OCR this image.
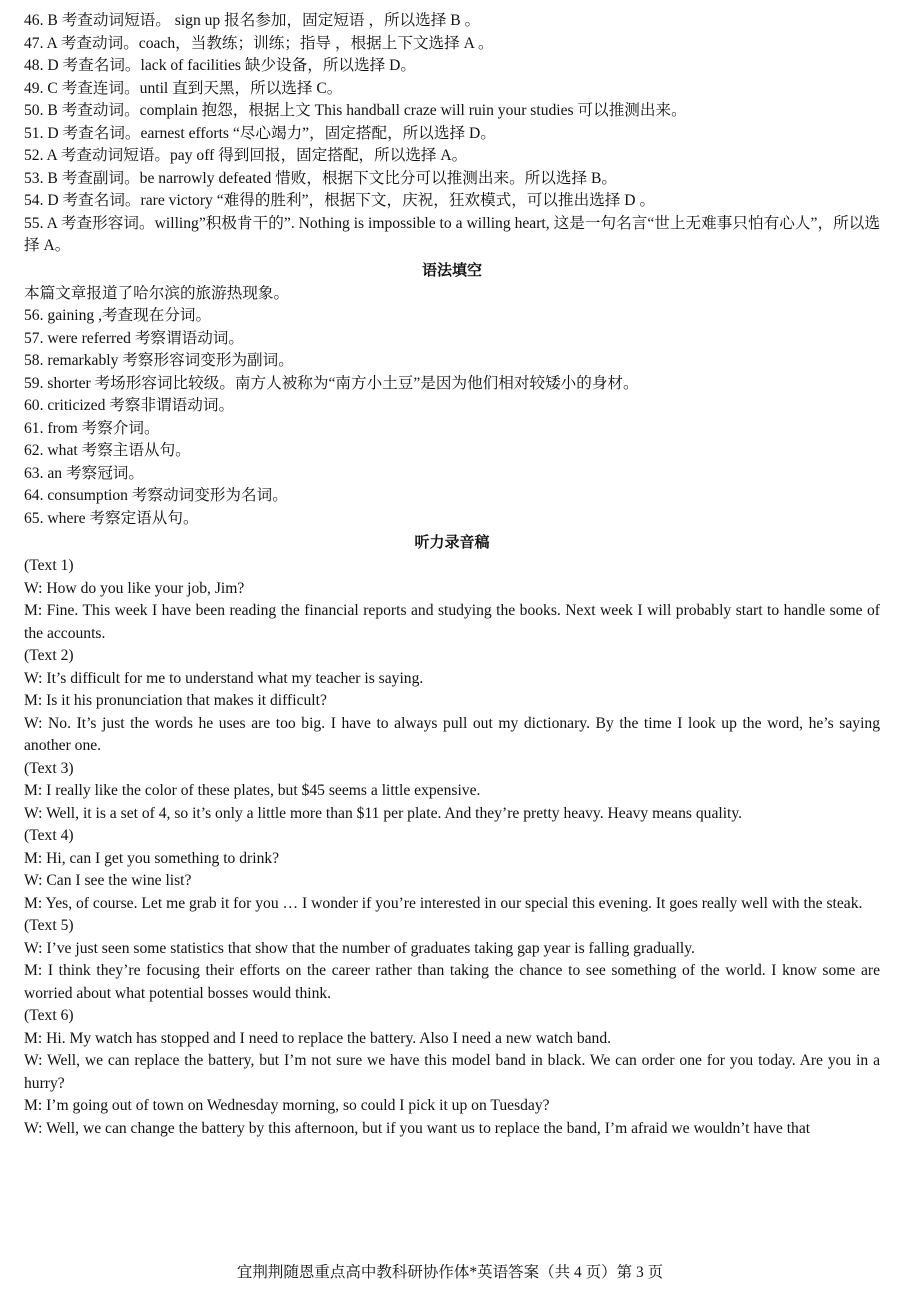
46. B 考查动词短语。 sign up 报名参加，固定短语 ，所以选择 B 。
47. A 考查动词。coach，当教练；训练；指导 ，根据上下文选择 A 。
48. D 考查名词。lack of facilities 缺少设备，所以选择 D。
49. C 考查连词。until 直到天黑，所以选择 C。
50. B 考查动词。complain 抱怨，根据上文 This handball craze will ruin your studies 可以推测出来。
51. D 考查名词。earnest efforts “尽心竭力”，固定搭配，所以选择 D。
52. A 考查动词短语。pay off 得到回报，固定搭配，所以选择 A。
53. B 考查副词。be narrowly defeated 惜败，根据下文比分可以推测出来。所以选择 B。
54. D 考查名词。rare victory “难得的胜利”，根据下文，庆祝，狂欢模式，可以推出选择 D 。
55. A 考查形容词。willing”积极肯干的”. Nothing is impossible to a willing heart, 这是一句名言“世上无难事只怕有心人”，所以选择 A。
语法填空
本篇文章报道了哈尔滨的旅游热现象。
56. gaining ,考查现在分词。
57. were referred 考察谓语动词。
58. remarkably 考察形容词变形为副词。
59. shorter 考场形容词比较级。南方人被称为“南方小土豆”是因为他们相对较矮小的身材。
60. criticized 考察非谓语动词。
61. from 考察介词。
62. what 考察主语从句。
63. an 考察冠词。
64. consumption 考察动词变形为名词。
65. where 考察定语从句。
听力录音稿
(Text 1)
W: How do you like your job, Jim?
M: Fine. This week I have been reading the financial reports and studying the books. Next week I will probably start to handle some of the accounts.
(Text 2)
W: It’s difficult for me to understand what my teacher is saying.
M: Is it his pronunciation that makes it difficult?
W: No. It’s just the words he uses are too big. I have to always pull out my dictionary. By the time I look up the word, he’s saying another one.
(Text 3)
M: I really like the color of these plates, but $45 seems a little expensive.
W: Well, it is a set of 4, so it’s only a little more than $11 per plate. And they’re pretty heavy. Heavy means quality.
(Text 4)
M: Hi, can I get you something to drink?
W: Can I see the wine list?
M: Yes, of course. Let me grab it for you … I wonder if you’re interested in our special this evening. It goes really well with the steak.
(Text 5)
W: I’ve just seen some statistics that show that the number of graduates taking gap year is falling gradually.
M: I think they’re focusing their efforts on the career rather than taking the chance to see something of the world. I know some are worried about what potential bosses would think.
(Text 6)
M: Hi. My watch has stopped and I need to replace the battery. Also I need a new watch band.
W: Well, we can replace the battery, but I’m not sure we have this model band in black. We can order one for you today. Are you in a hurry?
M: I’m going out of town on Wednesday morning, so could I pick it up on Tuesday?
W: Well, we can change the battery by this afternoon, but if you want us to replace the band, I’m afraid we wouldn’t have that
宜荆荆随恩重点高中教科研协作体*英语答案（共 4 页）第 3 页
